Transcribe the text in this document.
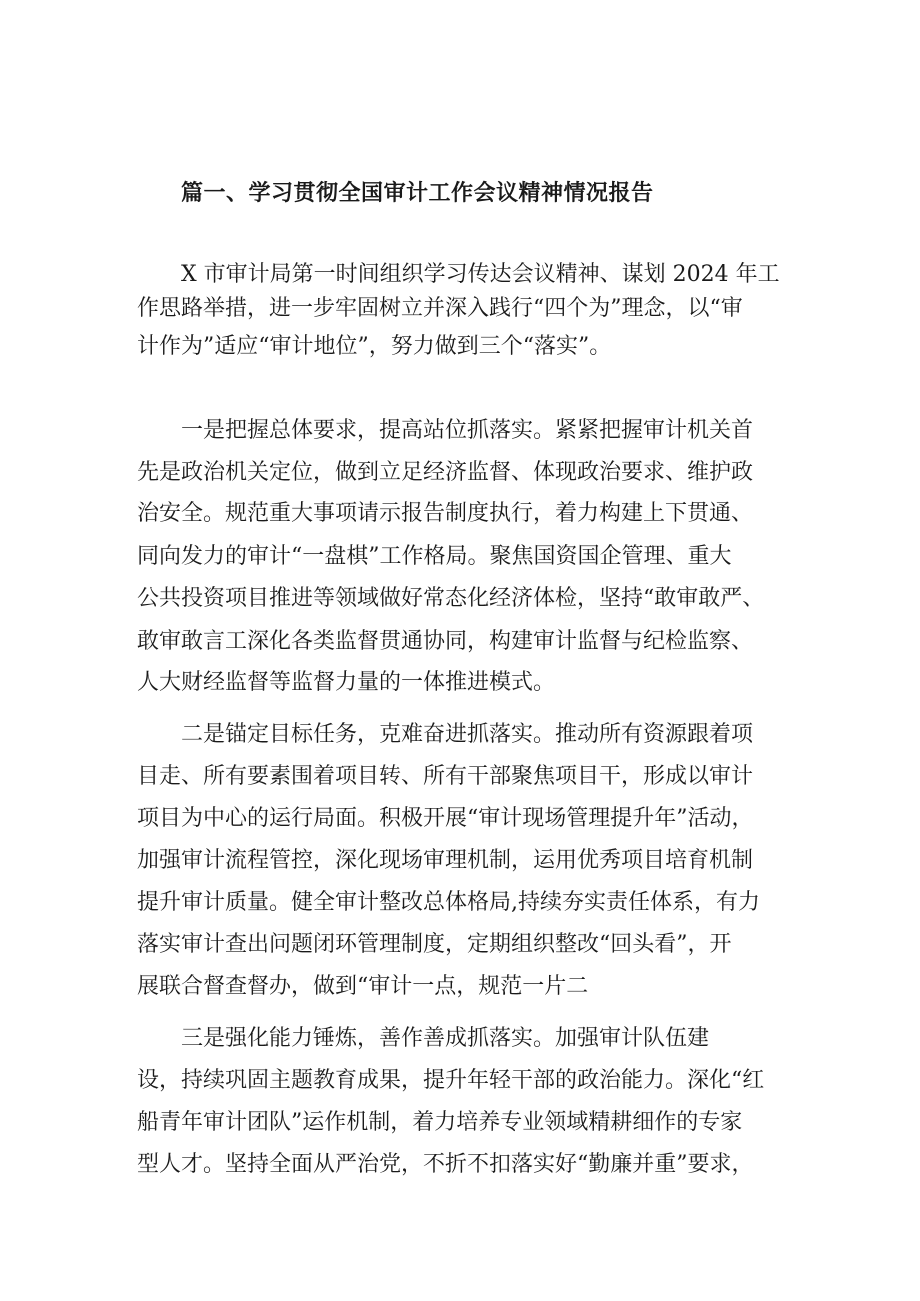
篇一、学习贯彻全国审计工作会议精神情况报告

X 市审计局第一时间组织学习传达会议精神、谋划 2024 年工

作思路举措，进一步牢固树立并深入践行“四个为”理念，以“审

计作为”适应“审计地位”，努力做到三个“落实”。

一是把握总体要求，提高站位抓落实。紧紧把握审计机关首

先是政治机关定位，做到立足经济监督、体现政治要求、维护政

治安全。规范重大事项请示报告制度执行，着力构建上下贯通、

同向发力的审计“一盘棋”工作格局。聚焦国资国企管理、重大

公共投资项目推进等领域做好常态化经济体检，坚持“敢审敢严、

敢审敢言工深化各类监督贯通协同，构建审计监督与纪检监察、

人大财经监督等监督力量的一体推进模式。

二是锚定目标任务，克难奋进抓落实。推动所有资源跟着项

目走、所有要素围着项目转、所有干部聚焦项目干，形成以审计

项目为中心的运行局面。积极开展“审计现场管理提升年”活动，

加强审计流程管控，深化现场审理机制，运用优秀项目培育机制

提升审计质量。健全审计整改总体格局,持续夯实责任体系，有力

落实审计查出问题闭环管理制度，定期组织整改“回头看”，开

展联合督查督办，做到“审计一点，规范一片二

三是强化能力锤炼，善作善成抓落实。加强审计队伍建

设，持续巩固主题教育成果，提升年轻干部的政治能力。深化“红

船青年审计团队”运作机制，着力培养专业领域精耕细作的专家

型人才。坚持全面从严治党，不折不扣落实好“勤廉并重”要求，
